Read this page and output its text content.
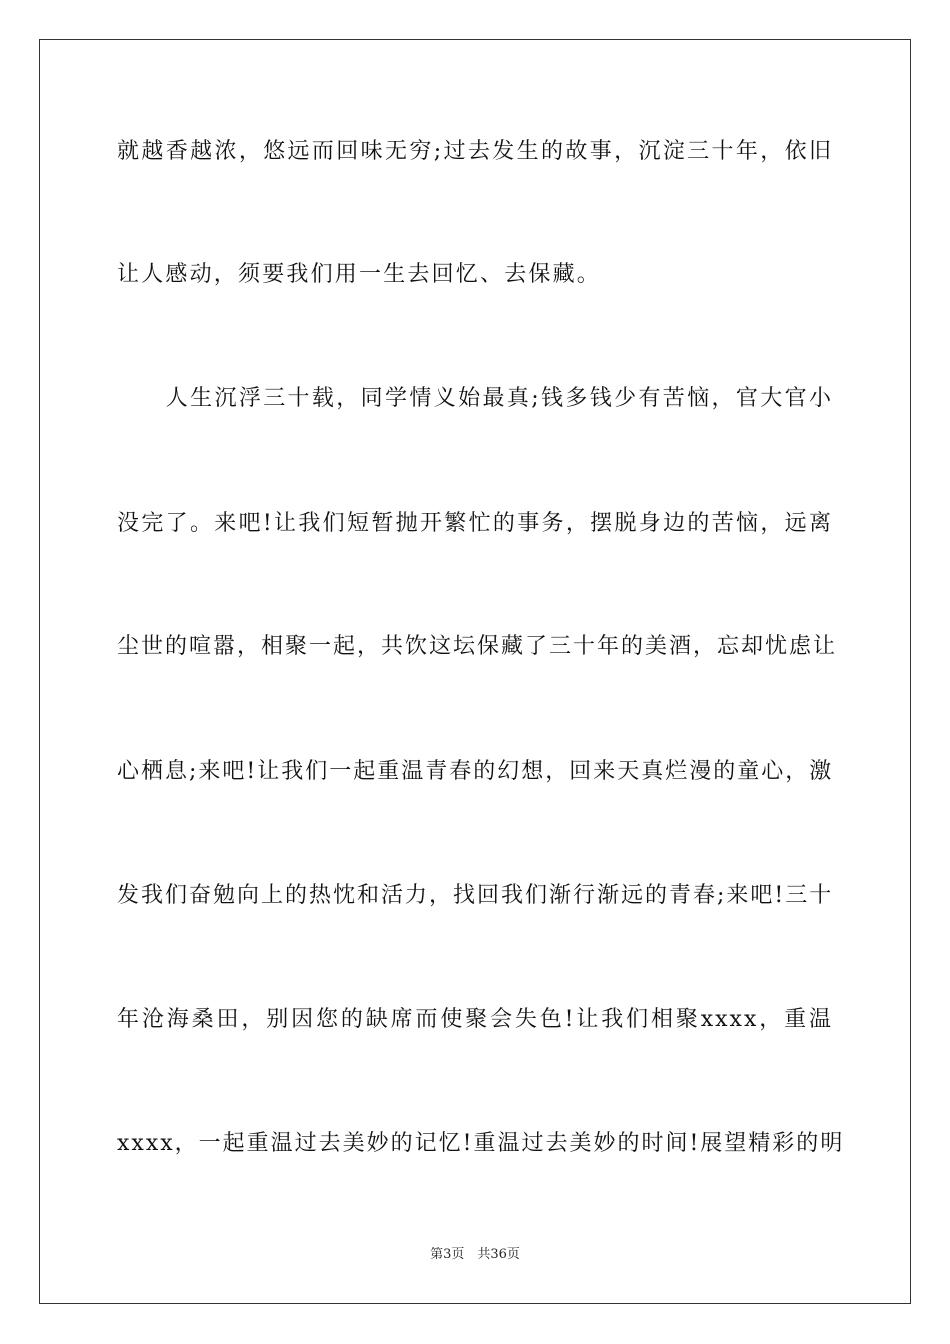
就越香越浓，悠远而回味无穷;过去发生的故事，沉淀三十年，依旧
让人感动，须要我们用一生去回忆、去保藏。
　　人生沉浮三十载，同学情义始最真;钱多钱少有苦恼，官大官小
没完了。来吧!让我们短暂抛开繁忙的事务，摆脱身边的苦恼，远离
尘世的喧嚣，相聚一起，共饮这坛保藏了三十年的美酒，忘却忧虑让
心栖息;来吧!让我们一起重温青春的幻想，回来天真烂漫的童心，激
发我们奋勉向上的热忱和活力，找回我们渐行渐远的青春;来吧!三十
年沧海桑田，别因您的缺席而使聚会失色!让我们相聚xxxx，重温
xxxx，一起重温过去美妙的记忆!重温过去美妙的时间!展望精彩的明
第3页　共36页
